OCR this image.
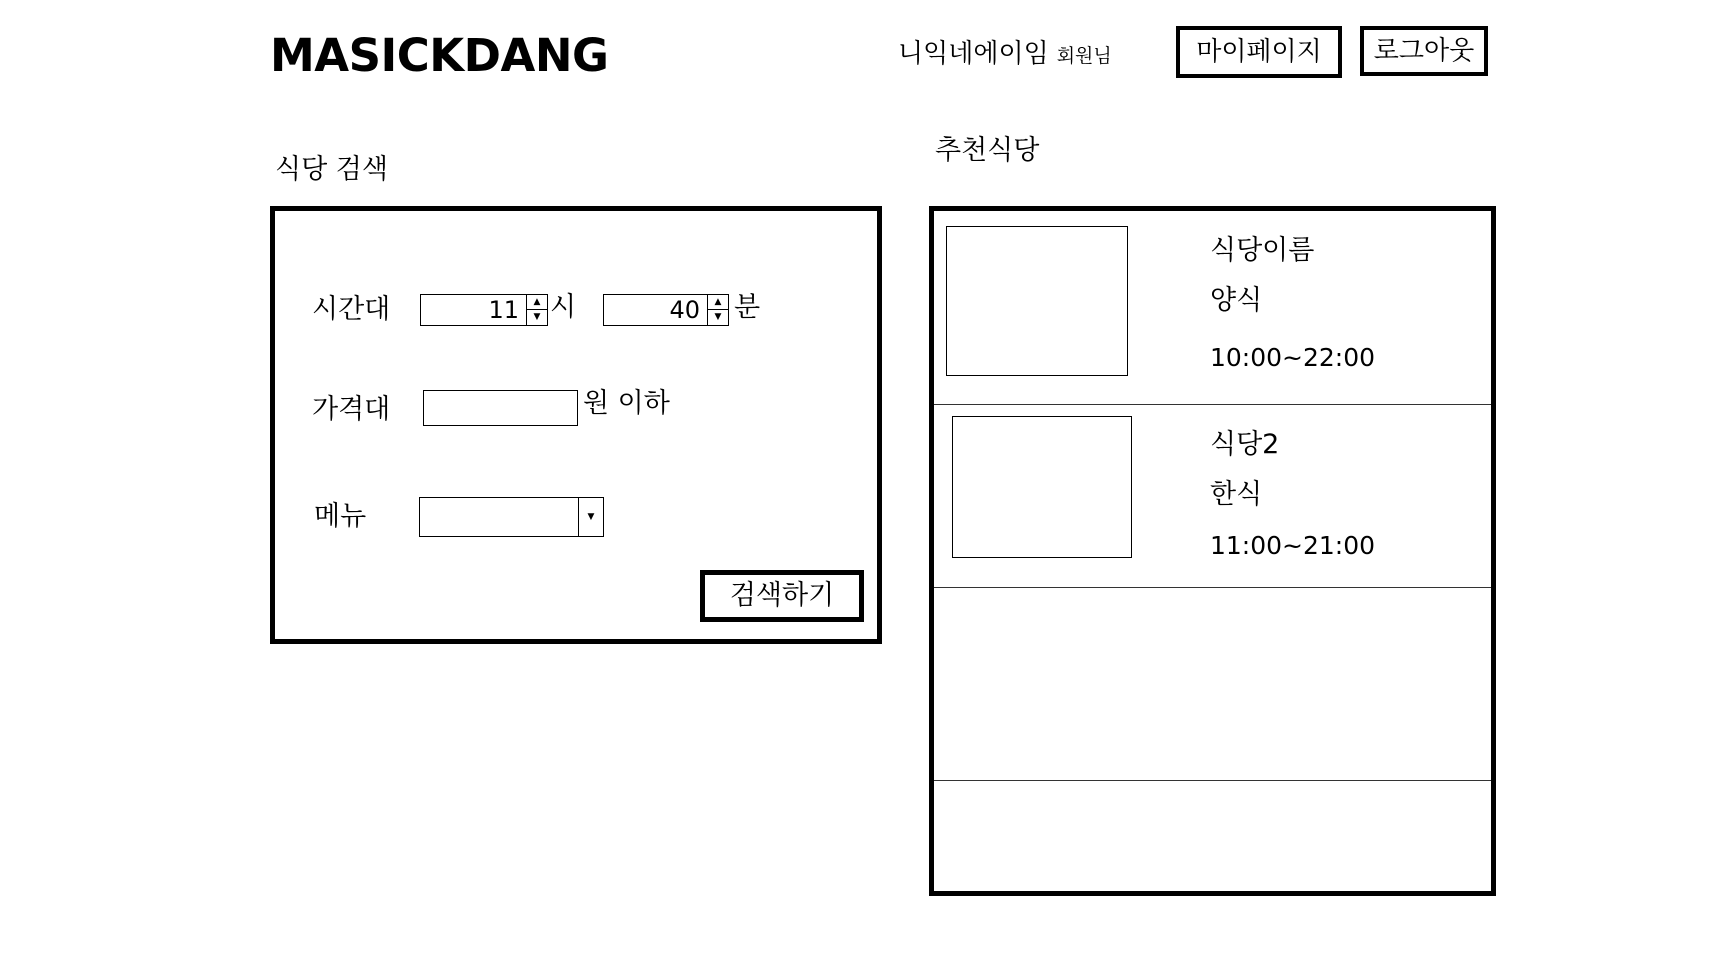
MASICKDANG	니익네에이임 회원님	마이페이지	로그아웃
식당 검색
시간대	11	▲
▼ 시	40	▲
▼ 분
가격대	원 이하
메뉴	▼
검색하기
추천식당
식당이름
양식
10:00~22:00
식당2
한식
11:00~21:00
